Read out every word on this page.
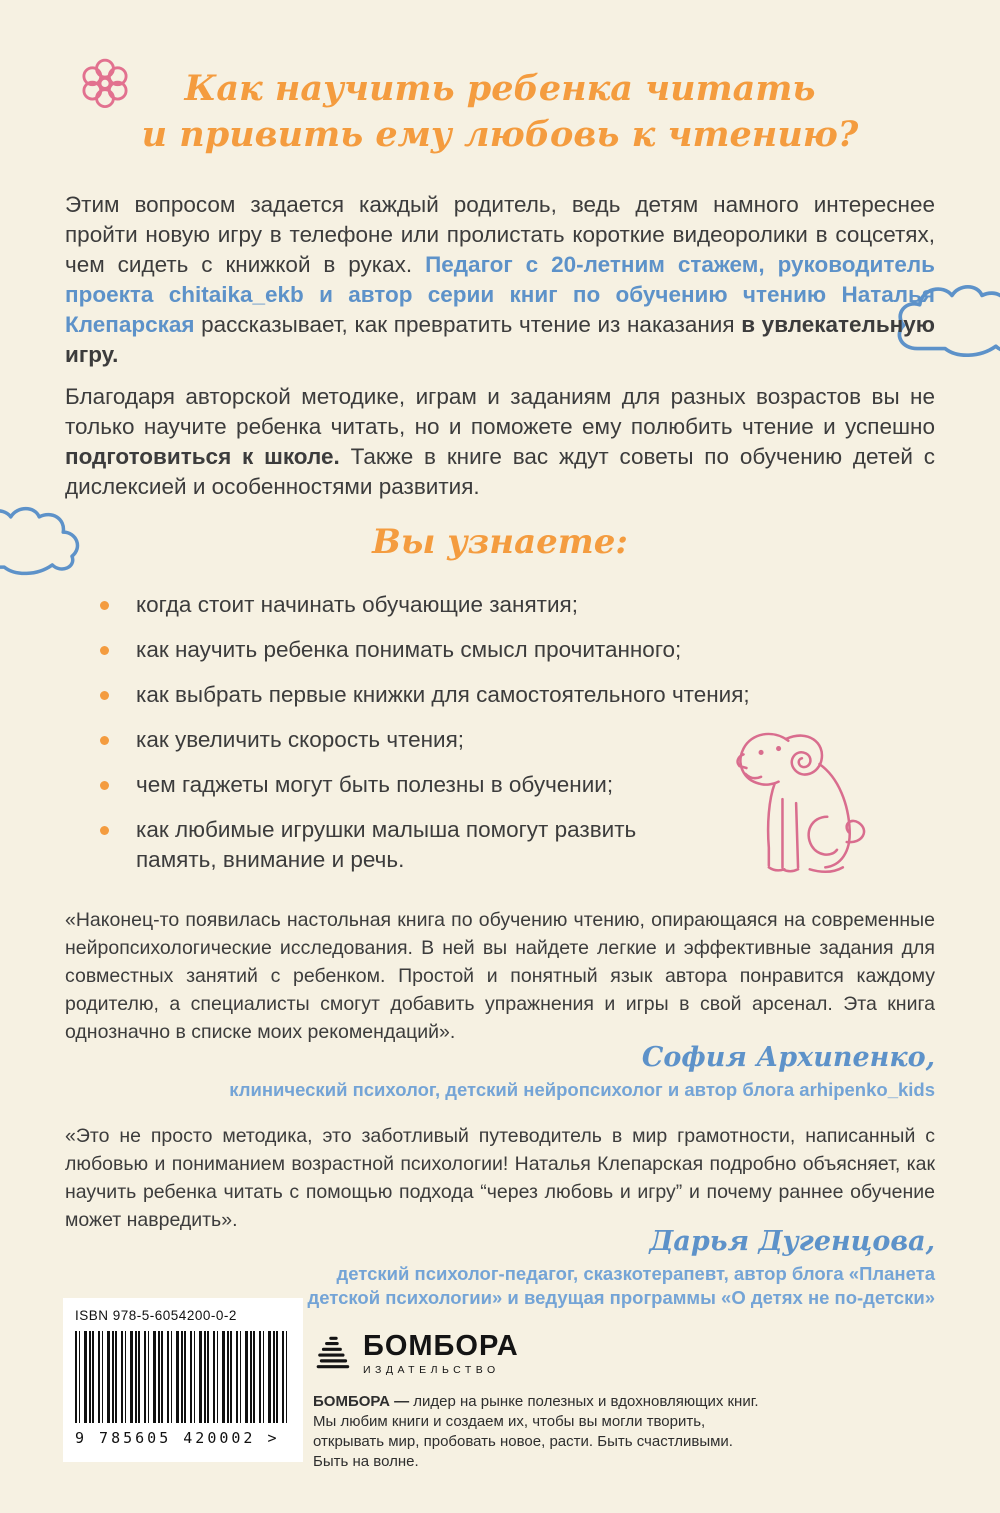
Как научить ребенка читать
и привить ему любовь к чтению?

Этим вопросом задается каждый родитель, ведь детям намного интереснее пройти новую игру в телефоне или пролистать короткие видеоролики в соцсетях, чем сидеть с книжкой в руках. Педагог с 20-летним стажем, руководитель проекта chitaika_ekb и автор серии книг по обучению чтению Наталья Клепарская рассказывает, как превратить чтение из наказания в увлекательную игру.

Благодаря авторской методике, играм и заданиям для разных возрастов вы не только научите ребенка читать, но и поможете ему полюбить чтение и успешно подготовиться к школе. Также в книге вас ждут советы по обучению детей с дислексией и особенностями развития.

Вы узнаете:
когда стоит начинать обучающие занятия;
как научить ребенка понимать смысл прочитанного;
как выбрать первые книжки для самостоятельного чтения;
как увеличить скорость чтения;
чем гаджеты могут быть полезны в обучении;
как любимые игрушки малыша помогут развить память, внимание и речь.

«Наконец-то появилась настольная книга по обучению чтению, опирающаяся на современные нейропсихологические исследования. В ней вы найдете легкие и эффективные задания для совместных занятий с ребенком. Простой и понятный язык автора понравится каждому родителю, а специалисты смогут добавить упражнения и игры в свой арсенал. Эта книга однозначно в списке моих рекомендаций».

София Архипенко,
клинический психолог, детский нейропсихолог и автор блога arhipenko_kids

«Это не просто методика, это заботливый путеводитель в мир грамотности, написанный с любовью и пониманием возрастной психологии! Наталья Клепарская подробно объясняет, как научить ребенка читать с помощью подхода “через любовь и игру” и почему раннее обучение может навредить».

Дарья Дугенцова,
детский психолог-педагог, сказкотерапевт, автор блога «Планета детской психологии» и ведущая программы «О детях не по-детски»
ISBN 978-5-6054200-0-2
9 785605 420002 >
БОМБОРА
ИЗДАТЕЛЬСТВО

БОМБОРА — лидер на рынке полезных и вдохновляющих книг. Мы любим книги и создаем их, чтобы вы могли творить, открывать мир, пробовать новое, расти. Быть счастливыми. Быть на волне.
